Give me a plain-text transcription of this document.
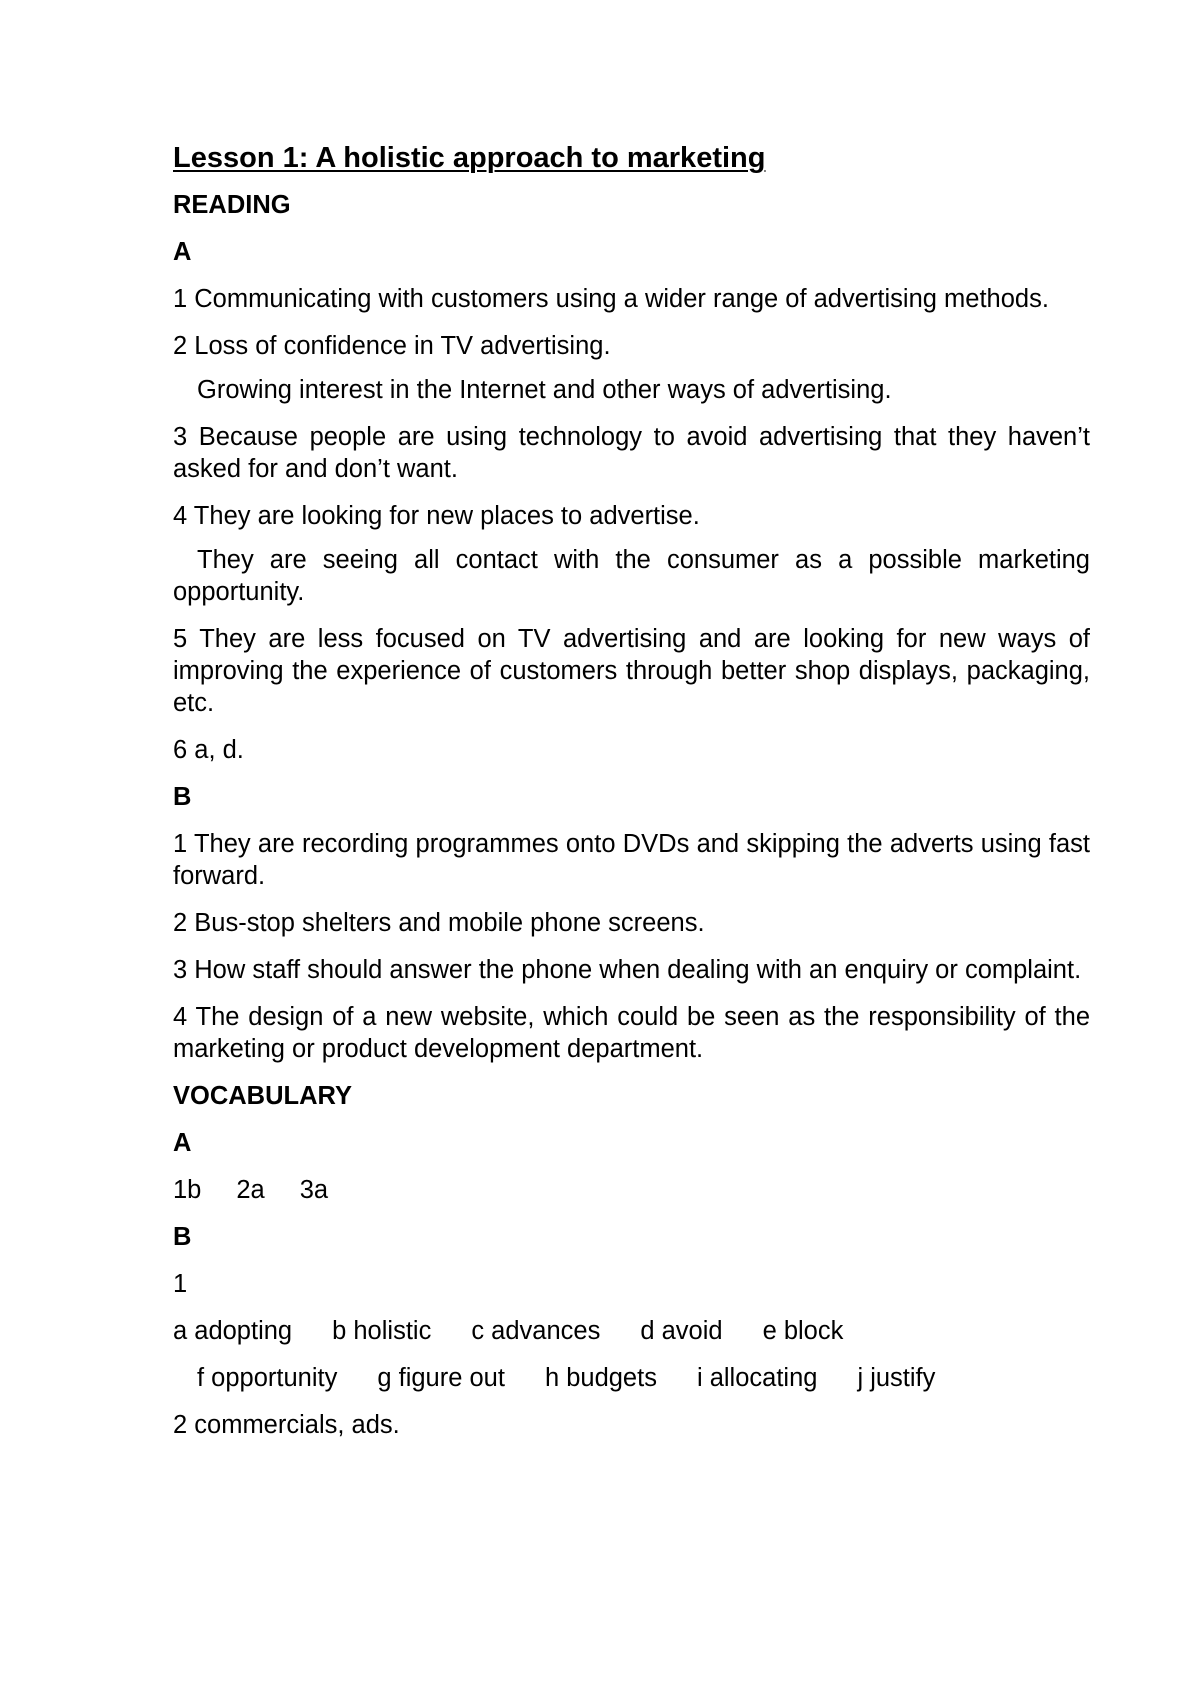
Lesson 1: A holistic approach to marketing
READING
A
1 Communicating with customers using a wider range of advertising methods.
2 Loss of confidence in TV advertising.
Growing interest in the Internet and other ways of advertising.
3 Because people are using technology to avoid advertising that they haven’t asked for and don’t want.
4 They are looking for new places to advertise.
They are seeing all contact with the consumer as a possible marketing opportunity.
5 They are less focused on TV advertising and are looking for new ways of improving the experience of customers through better shop displays, packaging, etc.
6 a, d.
B
1 They are recording programmes onto DVDs and skipping the adverts using fast forward.
2 Bus-stop shelters and mobile phone screens.
3 How staff should answer the phone when dealing with an enquiry or complaint.
4 The design of a new website, which could be seen as the responsibility of the marketing or product development department.
VOCABULARY
A
1b 2a 3a
B
1
a adopting b holistic c advances d avoid e block
f opportunity g figure out h budgets i allocating j justify
2 commercials, ads.
